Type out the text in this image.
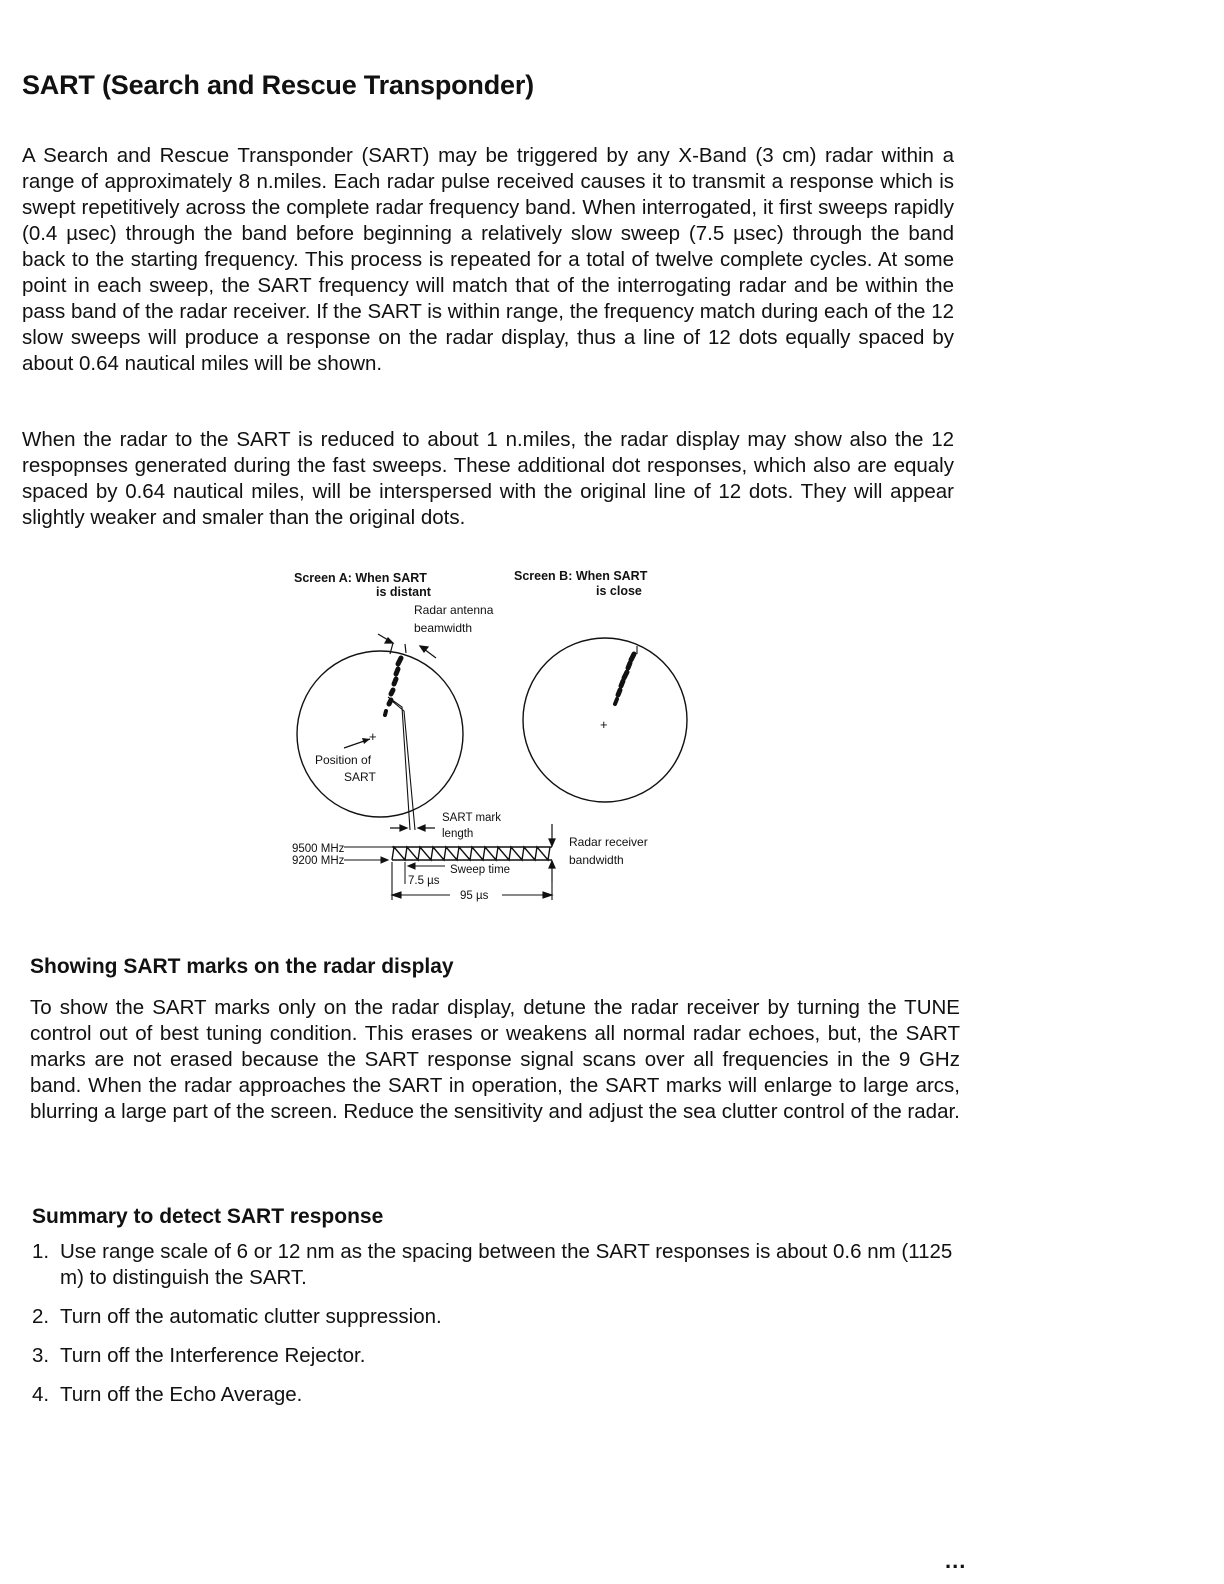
SART (Search and Rescue Transponder)

A Search and Rescue Transponder (SART) may be triggered by any X-Band (3 cm) radar within a range of approximately 8 n.miles. Each radar pulse received causes it to transmit a response which is swept repetitively across the complete radar frequency band. When interrogated, it first sweeps rapidly (0.4 µsec) through the band before beginning a relatively slow sweep (7.5 µsec) through the band back to the starting frequency. This process is repeated for a total of twelve complete cycles. At some point in each sweep, the SART frequency will match that of the interrogating radar and be within the pass band of the radar receiver. If the SART is within range, the frequency match during each of the 12 slow sweeps will produce a response on the radar display, thus a line of 12 dots equally spaced by about 0.64 nautical miles will be shown.

When the radar to the SART is reduced to about 1 n.miles, the radar display may show also the 12 respopnses generated during the fast sweeps. These additional dot responses, which also are equaly spaced by 0.64 nautical miles, will be interspersed with the original line of 12 dots. They will appear slightly weaker and smaler than the original dots.

Screen A: When SART
is distant
Screen B: When SART
is close
Radar antenna
beamwidth
+
Position of
SART
+
SART mark
length
9500 MHz
9200 MHz
Radar receiver
bandwidth
Sweep time
7.5 µs
95 µs
Showing SART marks on the radar display

To show the SART marks only on the radar display, detune the radar receiver by turning the TUNE control out of best tuning condition. This erases or weakens all normal radar echoes, but, the SART marks are not erased because the SART response signal scans over all frequencies in the 9 GHz band. When the radar approaches the SART in operation, the SART marks will enlarge to large arcs, blurring a large part of the screen. Reduce the sensitivity and adjust the sea clutter control of the radar.

Summary to detect SART response
1. Use range scale of 6 or 12 nm as the spacing between the SART responses is about 0.6 nm (1125 m) to distinguish the SART.
2. Turn off the automatic clutter suppression.
3. Turn off the Interference Rejector.
4. Turn off the Echo Average.
...
